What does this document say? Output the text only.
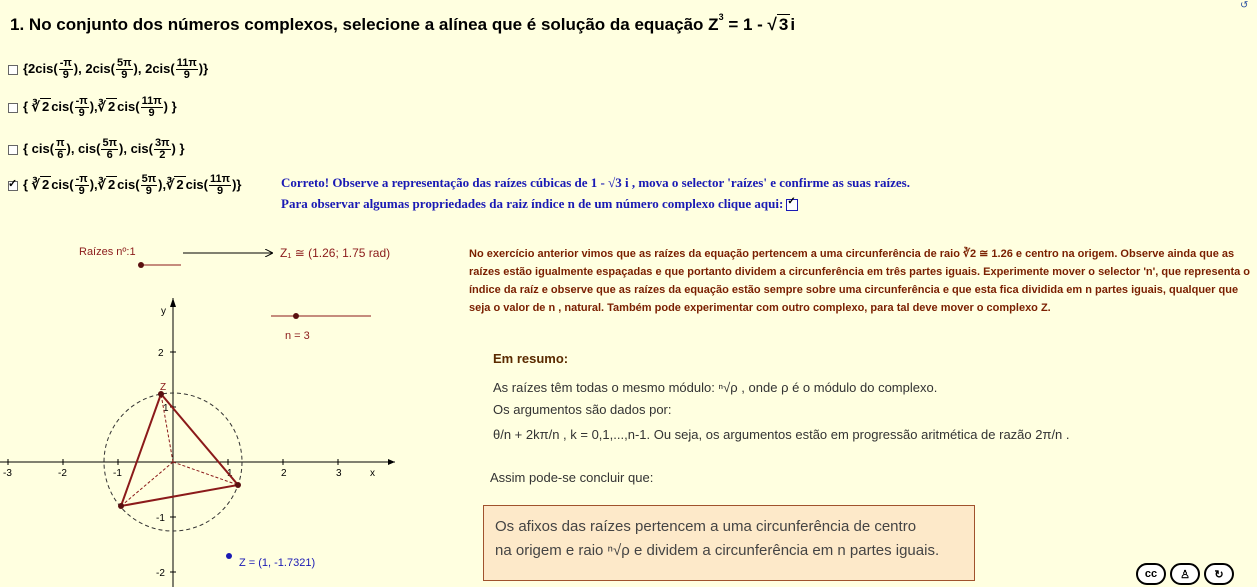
↺
1. No conjunto dos números complexos, selecione a alínea que é solução da equação $Z^3 = 1$ - √ 3 i
{$2cis( \frac{-\pi}{9}$ ), $2cis( \frac{5\pi}{9}$ ), $2cis( \frac{11\pi}{9}$ )}
{ ∛ 2 $cis( \frac{-\pi}{9}$ ),∛ 2 $cis( \frac{11\pi}{9}$ ) }
{ $cis( \frac{\pi}{6}$ ), $cis( \frac{5\pi}{6}$ ), $cis( \frac{3\pi}{2}$ ) }
✓
{ ∛ 2 $cis( \frac{-\pi}{9}$ ),∛ 2 $cis( \frac{5\pi}{9}$ ),∛ 2 $cis( \frac{11\pi}{9}$ )}	Correto! Observe a representação das raízes cúbicas de 1 - √3 i , mova o selector 'raízes' e confirme as suas raízes.
Para observar algumas propriedades da raiz índice n de um número complexo clique aqui:✓
-3	-2	-1	1	2	3
2
1
-1
-2
x
y
Z
Z = (1, -1.7321)
Raízes nº:1	Z₁ ≅ (1.26; 1.75 rad)
n = 3
No exercício anterior vimos que as raízes da equação pertencem a uma circunferência de raio ∛2 ≅ 1.26 e centro na origem. Observe ainda que as raízes estão igualmente espaçadas e que portanto dividem a circunferência em três partes iguais. Experimente mover o selector 'n', que representa o índice da raíz e observe que as raízes da equação estão sempre sobre uma circunferência e que esta fica dividida em n partes iguais, qualquer que seja o valor de n , natural. Também pode experimentar com outro complexo, para tal deve mover o complexo Z.
Em resumo:
As raízes têm todas o mesmo módulo: ⁿ√ρ , onde ρ é o módulo do complexo.
Os argumentos são dados por:
θ/n + 2kπ/n , k = 0,1,...,n-1. Ou seja, os argumentos estão em progressão aritmética de razão 2π/n .
Assim pode-se concluir que:
Os afixos das raízes pertencem a uma circunferência de centro
na origem e raio ⁿ√ρ e dividem a circunferência em n partes iguais.
cc	♙	↻
